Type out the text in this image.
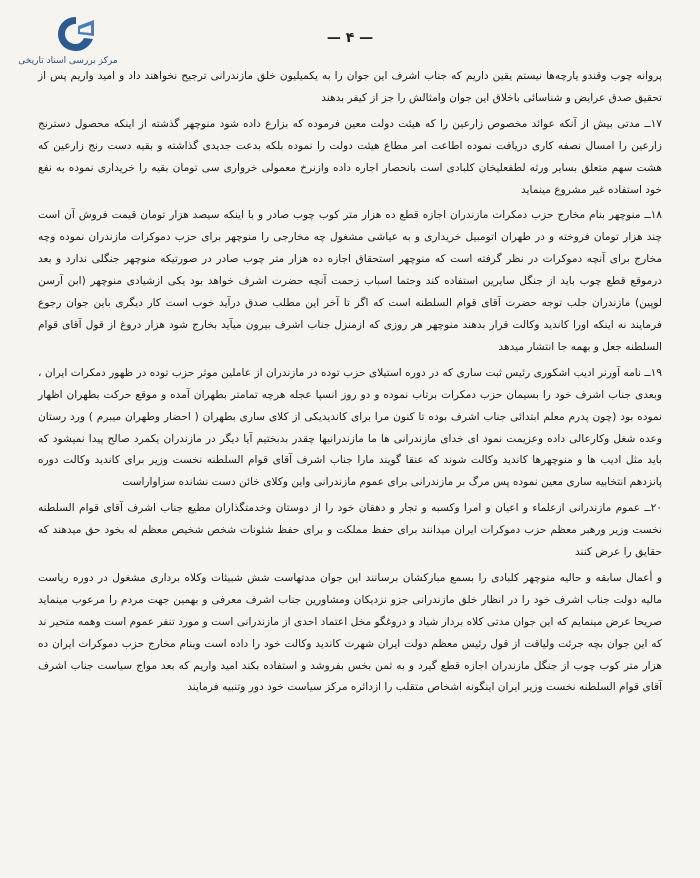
مرکز بررسی اسناد تاریخی
— ۴ —

پروانه چوب وقندو یارچه‌ها نیستم یقین داریم که جناب اشرف این جوان را به یکمیلیون خلق مازندرانی ترجیح نخواهند داد و امید واریم پس از تحقیق صدق عرایض و شناسائی باخلاق این جوان وامثالش را جز از کیفر بدهند

۱۷ــ مدتی بیش از آنکه عوائد مخصوص زارعین را که هیئت دولت معین فرموده که بزارع داده شود منوچهر گذشته از اینکه محصول دسترنج زارعین را امسال نصفه کاری دریافت نموده اطاعت امر مطاع هیئت دولت را نموده بلکه بدعت جدیدی گذاشته و بقیه دست رنج زارعین که هشت سهم متعلق بسایر ورثه لطفعلیخان کلبادی است بانحصار اجاره داده وازنرخ معمولی خرواری سی تومان بقیه را خریداری نموده به نفع خود استفاده غیر مشروع مینماید

۱۸ــ منوچهر بنام مخارج حزب دمکرات مازندران اجازه قطع ده هزار متر کوب چوب صادر و با اینکه سیصد هزار تومان قیمت فروش آن است چند هزار تومان فروخته و در طهران اتومبیل خریداری و به عیاشی مشغول چه مخارجی را منوچهر برای حزب دموکرات مازندران نموده وچه مخارج برای آنچه دموکرات در نظر گرفته است که منوچهر استحقاق اجازه ده هزار متر چوب صادر در صورتیکه منوچهر جنگلی ندارد و بعد درموقع قطع چوب باید از جنگل سایرین استفاده کند وحتما اسباب زحمت آنچه حضرت اشرف خواهد بود یکی ازشیادی منوچهر (ابن آرسن لوپین) مازندران جلب توجه حضرت آقای قوام السلطنه است که اگر تا آخر این مطلب صدق درآید خوب است کار دیگری باین جوان رجوع فرمایند نه اینکه اورا کاندید وکالت قرار بدهند منوچهر هر روزی که ازمنزل جناب اشرف بیرون میآید بخارج شود هزار دروغ از قول آقای قوام السلطنه جعل و بهمه جا انتشار میدهد

۱۹ــ نامه آورنر ادیب اشکوری رئیس ثبت ساری که در دوره استیلای حزب توده در مازندران از عاملین موثر حزب توده در ظهور دمکرات ایران ، وبعدی جناب اشرف خود را بسیمان حزب دمکرات برتاب نموده و دو روز انسپا عجله هرچه تمامتر بطهران آمده و موقع حرکت بطهران اظهار نموده بود (چون پدرم معلم ابتدائی جناب اشرف بوده تا کنون مرا برای کاندیدیکی از کلای ساری بطهران ( احضار وطهران میبرم ) ورد رستان وعده شغل وکارعالی داده وعزیمت نمود ای خدای مازندرانی ها ما مازندرانیها چقدر بدبختیم آیا دیگر در مازندران یکمرد صالح پیدا نمیشود که باید مثل ادیب ها و منوچهرها کاندید وکالت شوند که عنقا گویند مارا جناب اشرف آقای قوام السلطنه نخست وزیر برای کاندید وکالت دوره پانزدهم انتخابیه ساری معین نموده پس مرگ بر مازندرانی برای عموم مازندرانی واین وکلای خائن دست نشانده سزاواراست

۲۰ــ عموم مازندرانی ازعلماء و اعیان و امرا وکسبه و تجار و دهقان خود را از دوستان وخدمتگذاران مطیع جناب اشرف آقای قوام السلطنه نخست وزیر ورهبر معظم حزب دموکرات ایران میدانند برای حفظ مملکت و برای حفظ شئونات شخص شخیص معظم له بخود حق میدهند که حقایق را عرض کنند

و أعمال سابقه و حالیه منوچهر کلبادی را بسمع مبارکشان برسانند این جوان مدتهاست شش شبیئات وکلاه برداری مشغول در دوره ریاست مالیه دولت جناب اشرف خود را در انظار خلق مازندرانی جزو نزدیکان ومشاورین جناب اشرف معرفی و بهمین جهت مردم را مرعوب مینماید صریحا عرض مینمایم که این جوان مدتی کلاه بردار شیاد و دروغگو مخل اعتماد احدی از مازندرانی است و مورد تنفر عموم است وهمه متحیر ند که این جوان بچه جرئت ولیاقت از قول رئیس معظم دولت ایران شهرت کاندید وکالت خود را داده است وبنام مخارج حزب دموکرات ایران ده هزار متر کوب چوب از جنگل مازندران اجازه قطع گیرد و به ثمن بخس بفروشد و استفاده بکند امید واریم که بعد مواج سیاست جناب اشرف آقای قوام السلطنه نخست وزیر ایران اینگونه اشخاص متقلب را ازدائره مرکز سیاست خود دور وتنبیه فرمایند
